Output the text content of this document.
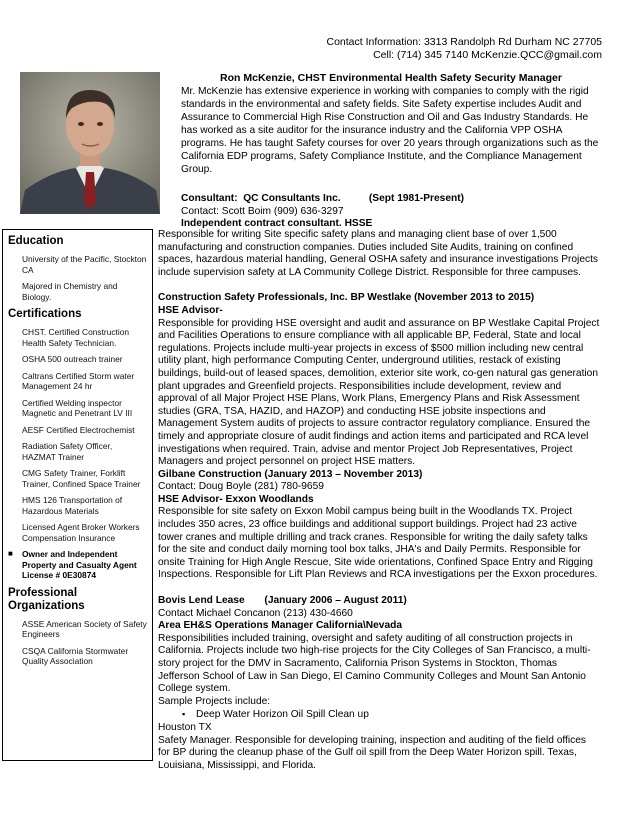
Contact Information: 3313 Randolph Rd Durham NC 27705
Cell: (714) 345 7140 McKenzie.QCC@gmail.com
Ron McKenzie, CHST Environmental Health Safety Security Manager
Mr. McKenzie has extensive experience in working with companies to comply with the rigid standards in the environmental and safety fields. Site Safety expertise includes Audit and Assurance to Commercial High Rise Construction and Oil and Gas Industry Standards. He has worked as a site auditor for the insurance industry and the California VPP OSHA programs. He has taught Safety courses for over 20 years through organizations such as the California EDP programs, Safety Compliance Institute, and the Compliance Management Group.
Consultant:  QC Consultants Inc.          (Sept 1981-Present)
Contact: Scott Boim (909) 636-3297
Independent contract consultant. HSSE
Education
University of the Pacific, Stockton CA
Majored in Chemistry and Biology.
Certifications
CHST. Certified Construction Health Safety Technician.
OSHA 500 outreach trainer
Caltrans Certified Storm water Management 24 hr
Certified Welding inspector Magnetic and Penetrant LV III
AESF Certified Electrochemist
Radiation Safety Officer, HAZMAT Trainer
CMG Safety Trainer, Forklift Trainer, Confined Space Trainer
HMS 126 Transportation of Hazardous Materials
Licensed Agent Broker Workers Compensation Insurance
■	Owner and Independent Property and Casualty Agent License # 0E30874
Professional Organizations
ASSE American Society of Safety Engineers
CSQA California Stormwater Quality Association

Responsible for writing Site specific safety plans and managing client base of over 1,500 manufacturing and construction companies. Duties included Site Audits, training on confined spaces, hazardous material handling, General OSHA safety and insurance investigations Projects include supervision safety at LA Community College District. Responsible for three campuses.

Construction Safety Professionals, Inc. BP Westlake (November 2013 to 2015)

HSE Advisor-

Responsible for providing HSE oversight and audit and assurance on BP Westlake Capital Project and Facilities Operations to ensure compliance with all applicable BP, Federal, State and local regulations. Projects include multi-year projects in excess of $500 million including new central utility plant, high performance Computing Center, underground utilities, restack of existing buildings, build-out of leased spaces, demolition, exterior site work, co-gen natural gas generation plant upgrades and Greenfield projects. Responsibilities include development, review and approval of all Major Project HSE Plans, Work Plans, Emergency Plans and Risk Assessment studies (GRA, TSA, HAZID, and HAZOP) and conducting HSE jobsite inspections and Management System audits of projects to assure contractor regulatory compliance. Ensured the timely and appropriate closure of audit findings and action items and participated and RCA level investigations when required. Train, advise and mentor Project Job Representatives, Project Managers and project personnel on project HSE matters.

Gilbane Construction (January 2013 – November 2013)

Contact: Doug Boyle (281) 780-9659

HSE Advisor- Exxon Woodlands

Responsible for site safety on Exxon Mobil campus being built in the Woodlands TX. Project includes 350 acres, 23 office buildings and additional support buildings. Project had 23 active tower cranes and multiple drilling and track cranes. Responsible for writing the daily safety talks for the site and conduct daily morning tool box talks, JHA's and Daily Permits. Responsible for onsite Training for High Angle Rescue, Site wide orientations, Confined Space Entry and Rigging Inspections. Responsible for Lift Plan Reviews and RCA investigations per the Exxon procedures.

Bovis Lend Lease       (January 2006 – August 2011)

Contact Michael Concanon (213) 430-4660

Area EH&S Operations Manager California\Nevada

Responsibilities included training, oversight and safety auditing of all construction projects in California. Projects include two high-rise projects for the City Colleges of San Francisco, a multi-story project for the DMV in Sacramento, California Prison Systems in Stockton, Thomas Jefferson School of Law in San Diego, El Camino Community Colleges and Mount San Antonio College system.

Sample Projects include:

▪ Deep Water Horizon Oil Spill Clean up

Houston TX

Safety Manager. Responsible for developing training, inspection and auditing of the field offices for BP during the cleanup phase of the Gulf oil spill from the Deep Water Horizon spill. Texas, Louisiana, Mississippi, and Florida.
